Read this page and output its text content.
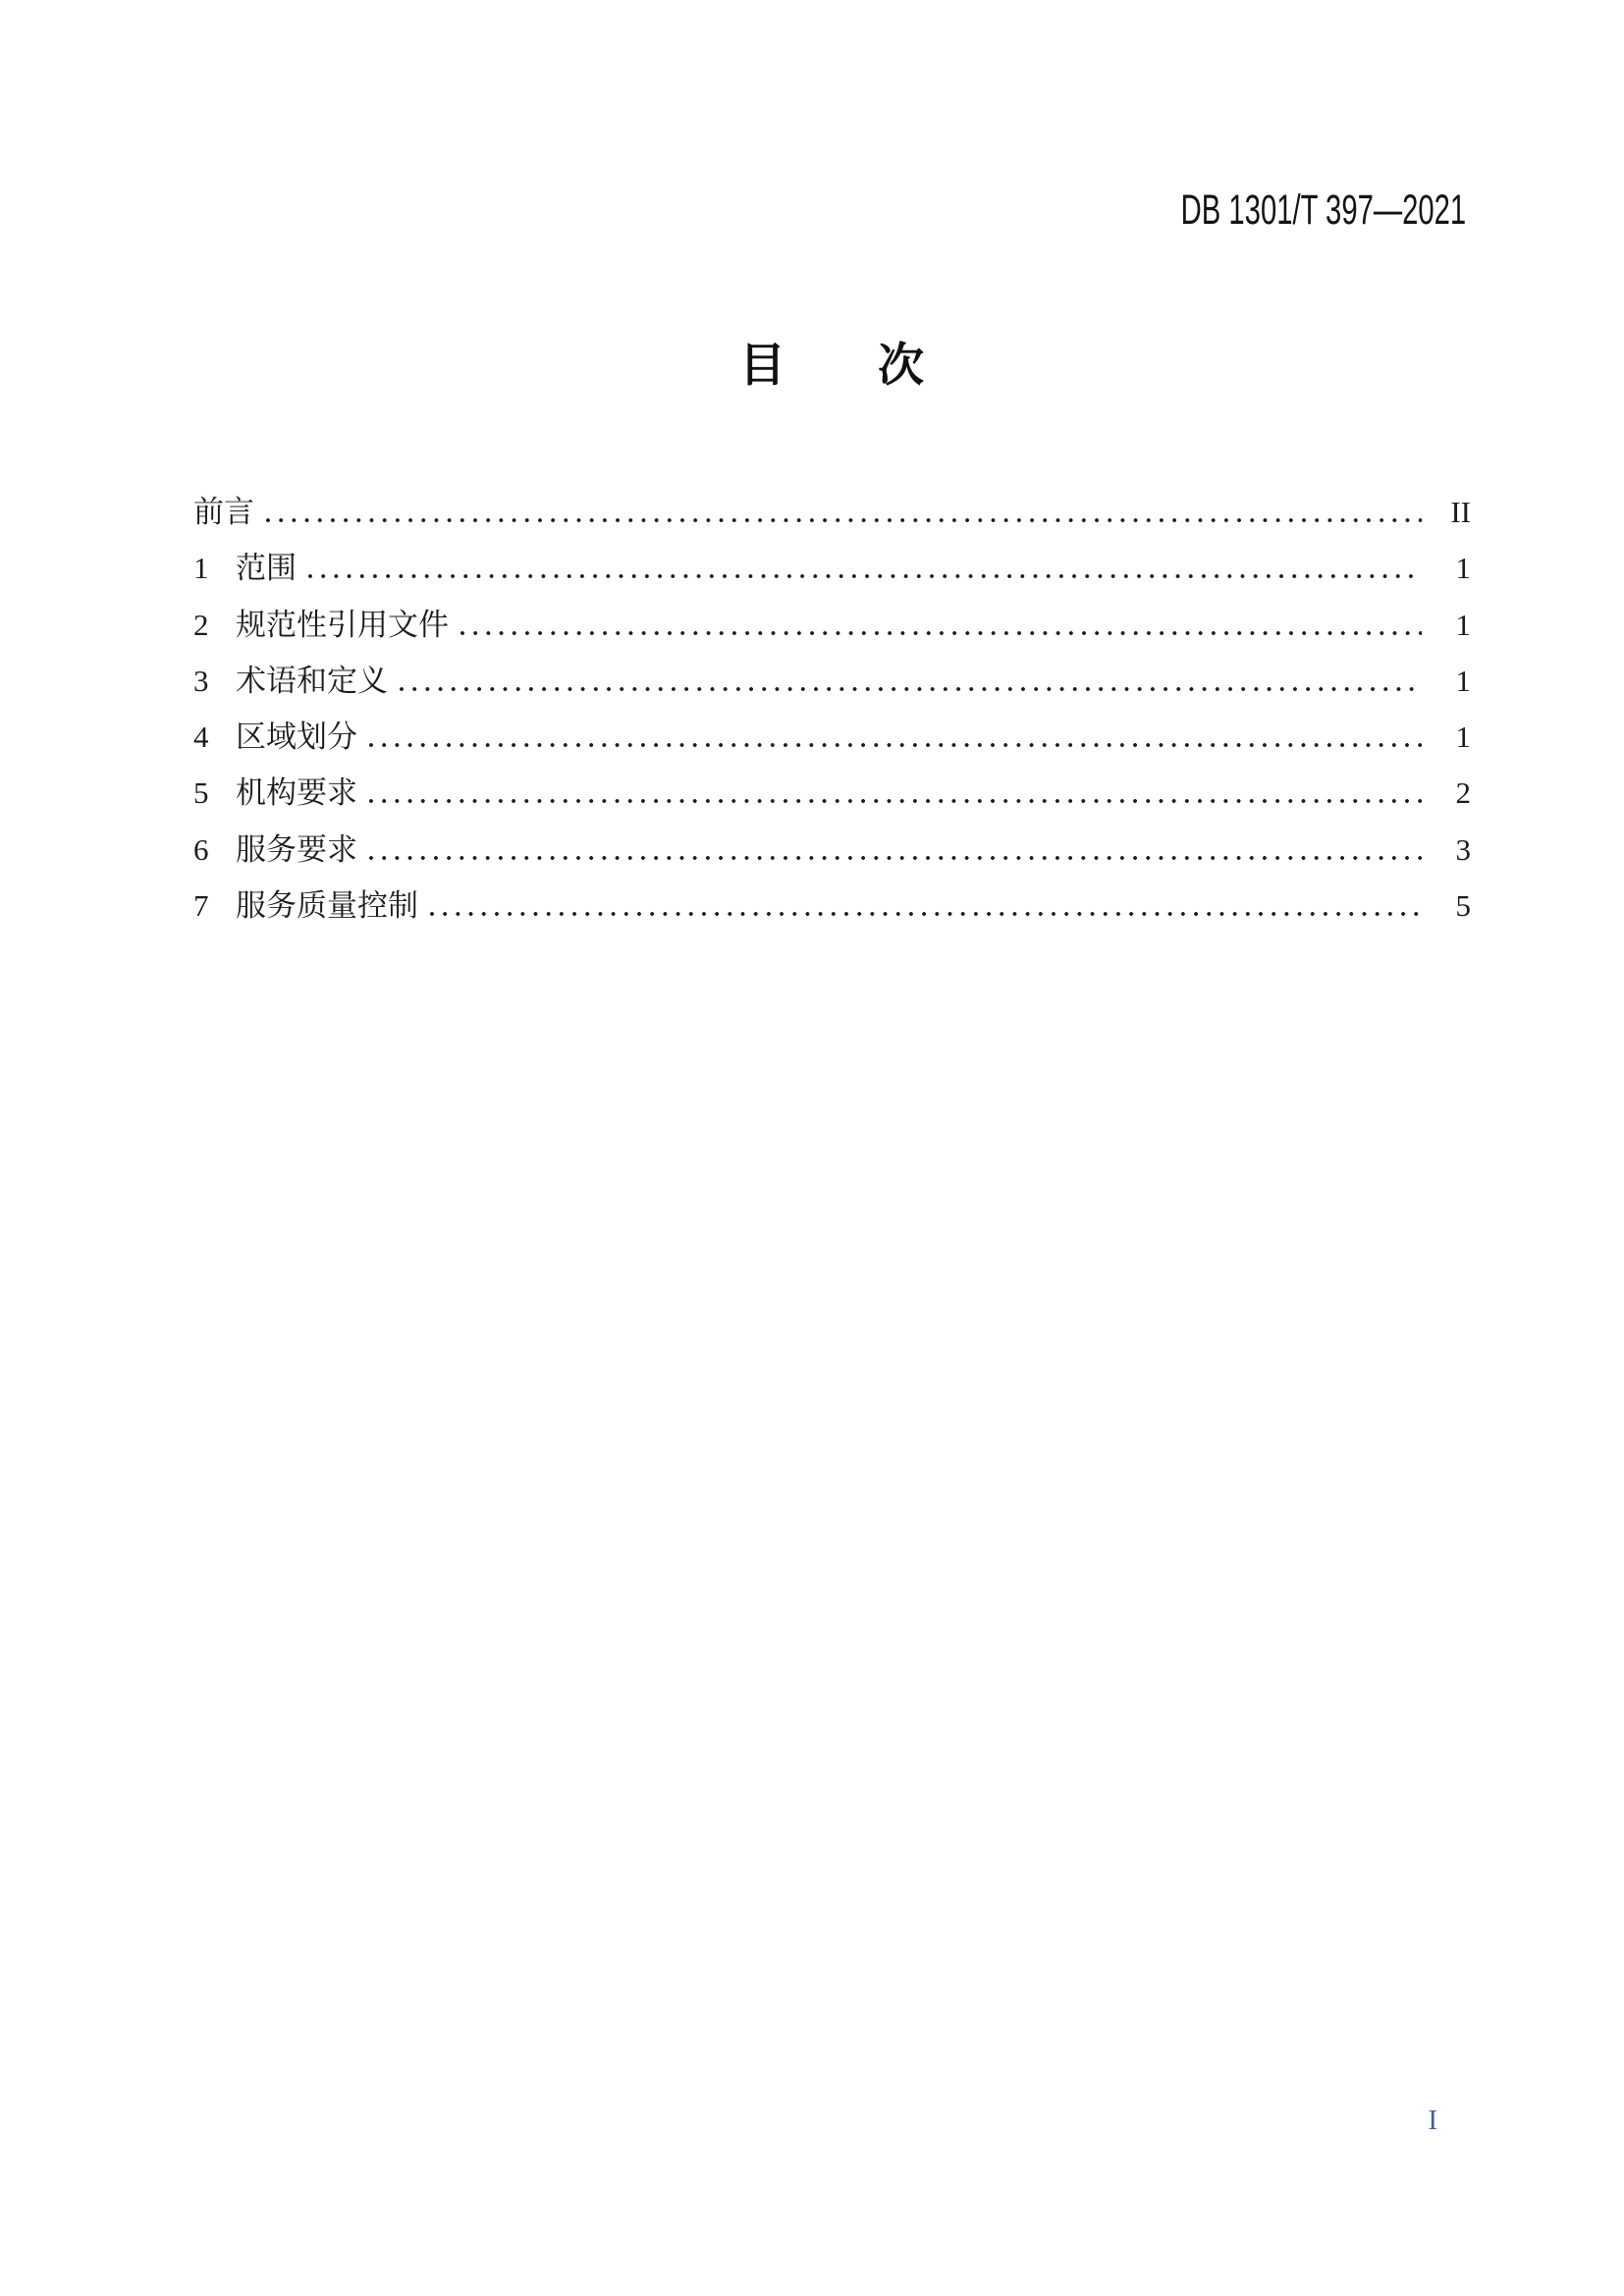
DB 1301/T 397—2021
目　　次
前言	II
1 范围	1
2 规范性引用文件	1
3 术语和定义	1
4 区域划分	1
5 机构要求	2
6 服务要求	3
7 服务质量控制	5
I
